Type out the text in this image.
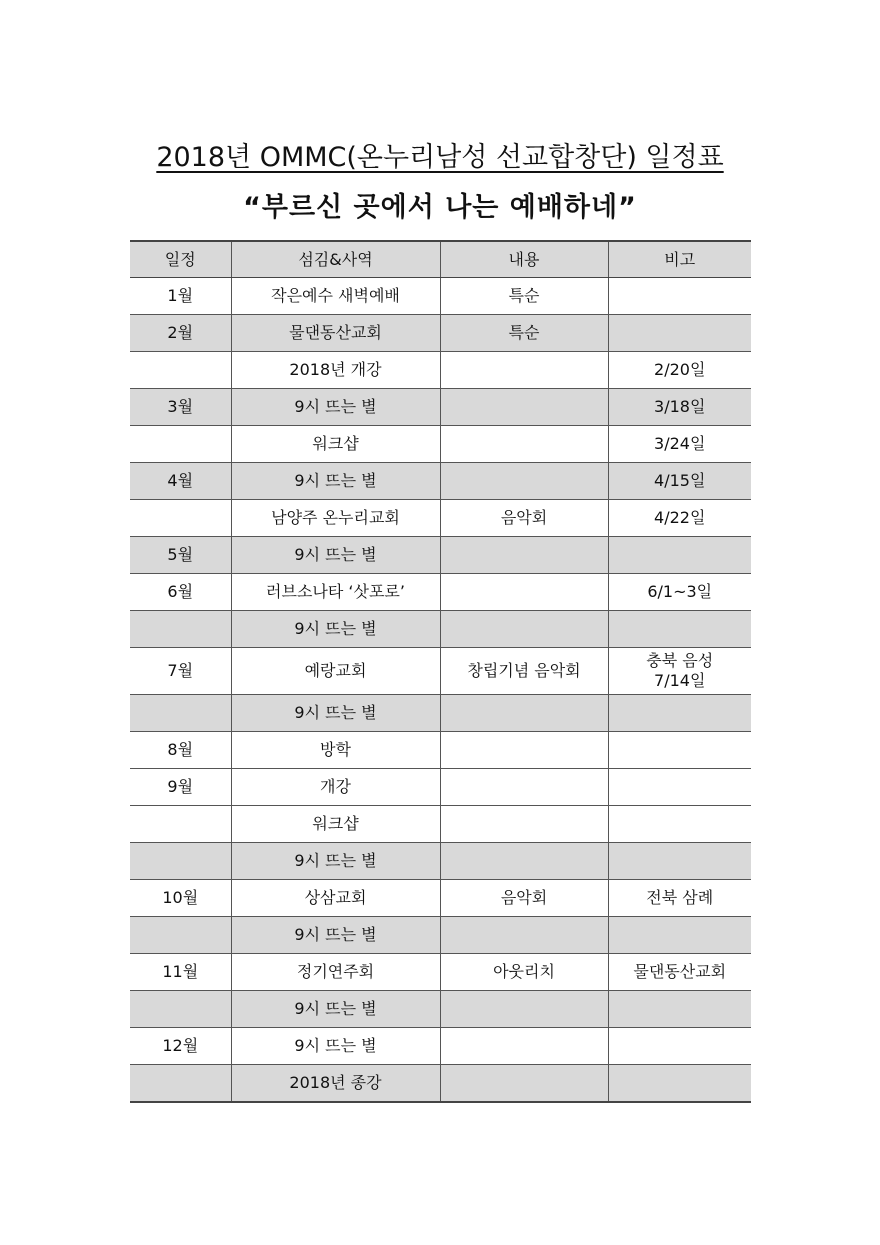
2018년 OMMC(온누리남성 선교합창단) 일정표
“부르신 곳에서 나는 예배하네”
일정	섬김&사역	내용	비고
1월	작은예수 새벽예배	특순	
2월	물댄동산교회	특순	
	2018년 개강		2/20일
3월	9시 뜨는 별		3/18일
	워크샵		3/24일
4월	9시 뜨는 별		4/15일
	남양주 온누리교회	음악회	4/22일
5월	9시 뜨는 별		
6월	러브소나타 ‘삿포로’		6/1~3일
	9시 뜨는 별		
7월	예랑교회	창립기념 음악회	충북 음성
7/14일

	9시 뜨는 별		
8월	방학		
9월	개강		
	워크샵		
	9시 뜨는 별		
10월	상삼교회	음악회	전북 삼례
	9시 뜨는 별		
11월	정기연주회	아웃리치	물댄동산교회
	9시 뜨는 별		
12월	9시 뜨는 별		
	2018년 종강		
